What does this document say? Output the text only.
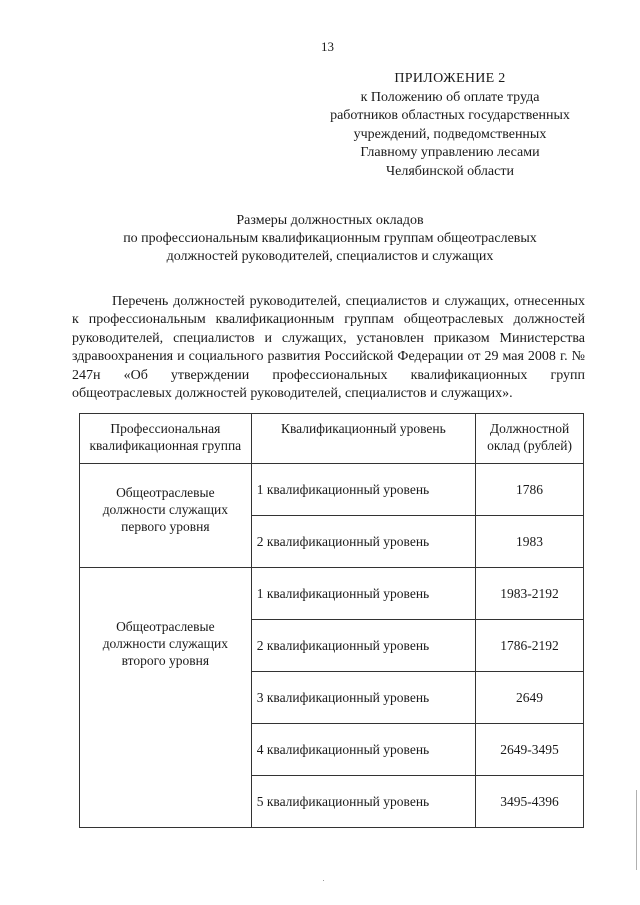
13
ПРИЛОЖЕНИЕ 2
к Положению об оплате труда
работников областных государственных
учреждений, подведомственных
Главному управлению лесами
Челябинской области
Размеры должностных окладов
по профессиональным квалификационным группам общеотраслевых
должностей руководителей, специалистов и служащих

Перечень должностей руководителей, специалистов и служащих, отнесенных к профессиональным квалификационным группам общеотраслевых должностей руководителей, специалистов и служащих, установлен приказом Министерства здравоохранения и социального развития Российской Федерации от 29 мая 2008 г. № 247н «Об утверждении профессиональных квалификационных групп общеотраслевых должностей руководителей, специалистов и служащих».

Профессиональная квалификационная группа	Квалификационный уровень	Должностной оклад (рублей)
Общеотраслевые должности служащих первого уровня	1 квалификационный уровень	1786
	2 квалификационный уровень	1983
Общеотраслевые должности служащих второго уровня	1 квалификационный уровень	1983-2192
	2 квалификационный уровень	1786-2192
	3 квалификационный уровень	2649
	4 квалификационный уровень	2649-3495
	5 квалификационный уровень	3495-4396
